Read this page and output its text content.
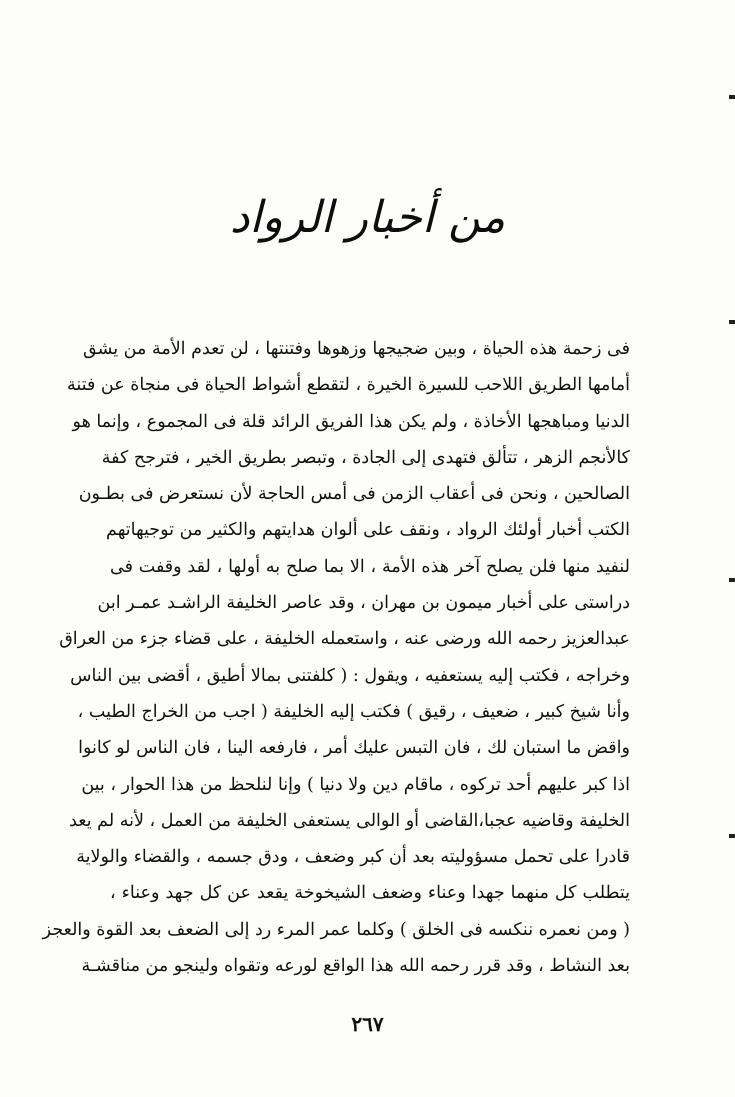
من أخبار الرواد
فى زحمة هذه الحياة ، وبين ضجيجها وزهوها وفتنتها ، لن تعدم الأمة من يشق
أمامها الطريق اللاحب للسيرة الخيرة ، لتقطع أشواط الحياة فى منجاة عن فتنة
الدنيا ومباهجها الأخاذة ، ولم يكن هذا الفريق الرائد قلة فى المجموع ، وإنما هو
كالأنجم الزهر ، تتألق فتهدى إلى الجادة ، وتبصر بطريق الخير ، فترجح كفة
الصالحين ، ونحن فى أعقاب الزمن فى أمس الحاجة لأن نستعرض فى بطـون
الكتب أخبار أولئك الرواد ، ونقف على ألوان هدايتهم والكثير من توجيهاتهم
لنفيد منها فلن يصلح آخر هذه الأمة ، الا بما صلح به أولها ، لقد وقفت فى
دراستى على أخبار ميمون بن مهران ، وقد عاصر الخليفة الراشـد عمـر ابن
عبدالعزيز رحمه الله ورضى عنه ، واستعمله الخليفة ، على قضاء جزء من العراق
وخراجه ، فكتب إليه يستعفيه ، ويقول : ( كلفتنى بمالا أطيق ، أقضى بين الناس
وأنا شيخ كبير ، ضعيف ، رقيق ) فكتب إليه الخليفة ( اجب من الخراج الطيب ،
واقض ما استبان لك ، فان التبس عليك أمر ، فارفعه الينا ، فان الناس لو كانوا
اذا كبر عليهم أحد تركوه ، ماقام دين ولا دنيا ) وإنا لنلحظ من هذا الحوار ، بين
الخليفة وقاضيه عجبا،القاضى أو الوالى يستعفى الخليفة من العمل ، لأنه لم يعد
قادرا على تحمل مسؤوليته بعد أن كبر وضعف ، ودق جسمه ، والقضاء والولاية
يتطلب كل منهما جهدا وعناء وضعف الشيخوخة يقعد عن كل جهد وعناء ،
( ومن نعمره ننكسه فى الخلق ) وكلما عمر المرء رد إلى الضعف بعد القوة والعجز
بعد النشاط ، وقد قرر رحمه الله هذا الواقع لورعه وتقواه ولينجو من مناقشـة
٢٦٧
